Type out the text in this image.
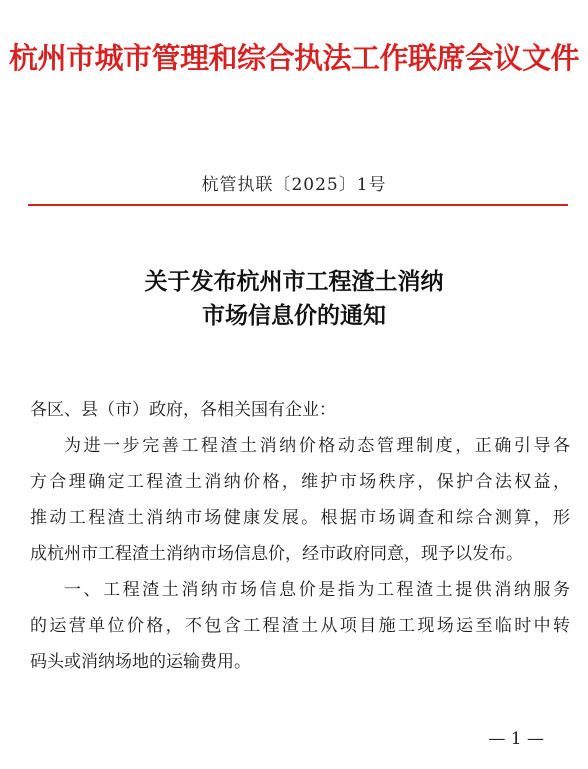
杭州市城市管理和综合执法工作联席会议文件
杭管执联〔2025〕1号
关于发布杭州市工程渣土消纳
市场信息价的通知
各区、县（市）政府，各相关国有企业：
为进一步完善工程渣土消纳价格动态管理制度，正确引导各
方合理确定工程渣土消纳价格，维护市场秩序，保护合法权益，
推动工程渣土消纳市场健康发展。根据市场调查和综合测算，形
成杭州市工程渣土消纳市场信息价，经市政府同意，现予以发布。
一、工程渣土消纳市场信息价是指为工程渣土提供消纳服务
的运营单位价格，不包含工程渣土从项目施工现场运至临时中转
码头或消纳场地的运输费用。
— 1 —
